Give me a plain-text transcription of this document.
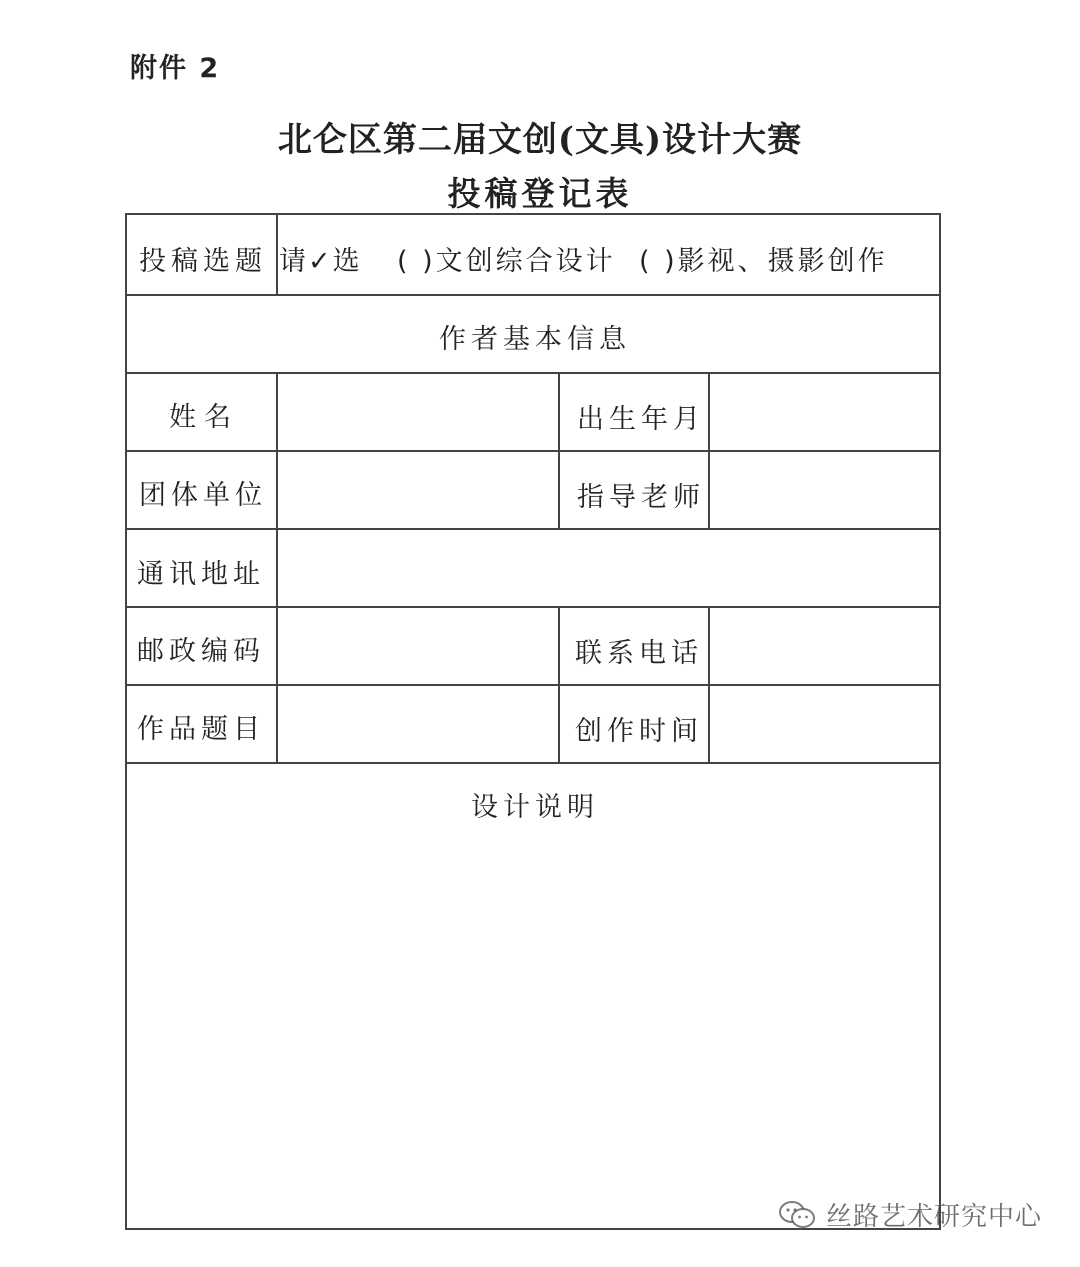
附件 2
北仑区第二届文创(文具)设计大赛
投稿登记表
投稿选题 请✓选 ( )文创综合设计 ( )影视、摄影创作
作者基本信息
姓名	出生年月
团体单位	指导老师
通讯地址
邮政编码	联系电话
作品题目	创作时间
设计说明
丝路艺术研究中心
